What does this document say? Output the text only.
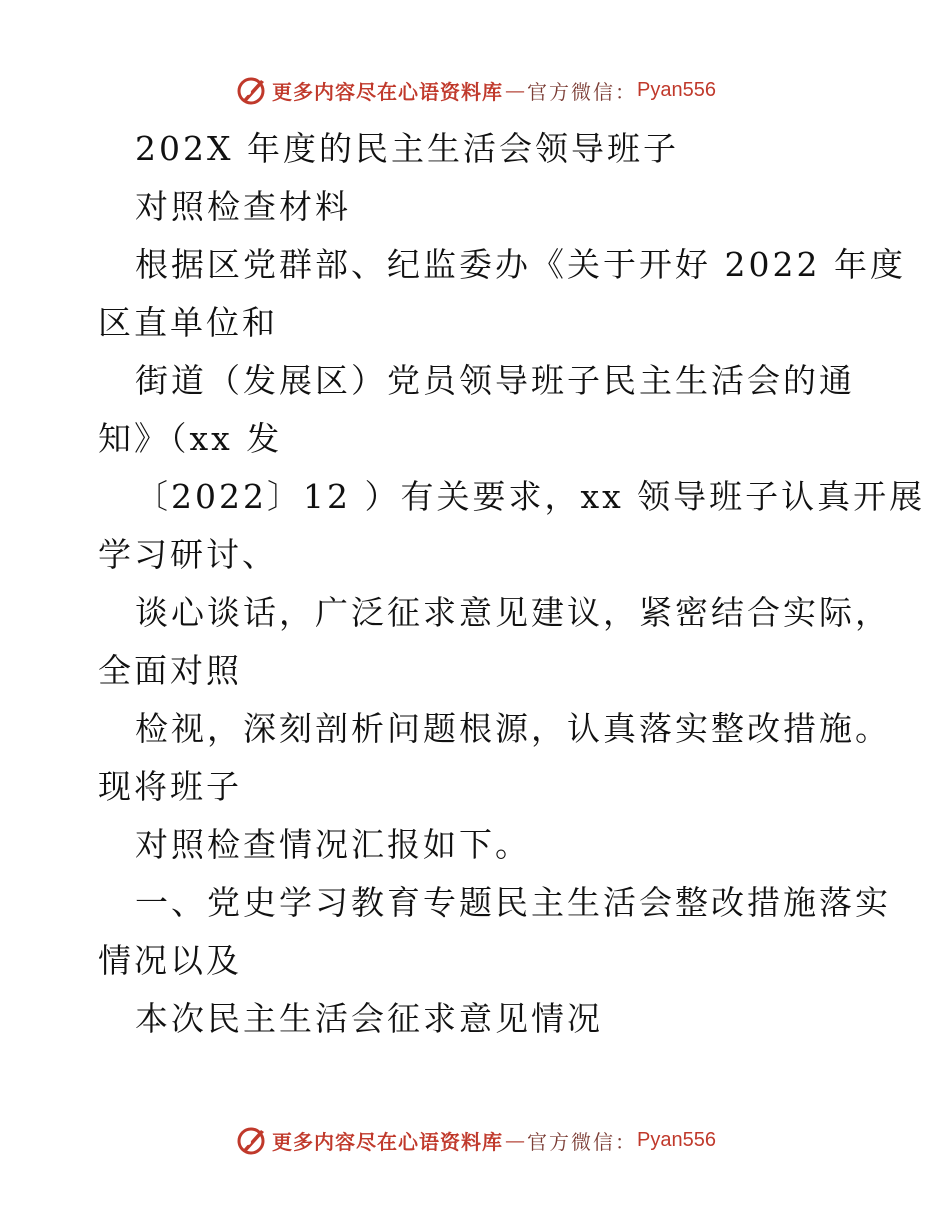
更多内容尽在心语资料库 — 官方微信： Pyan556
202X 年度的民主生活会领导班子
对照检查材料
根据区党群部、纪监委办《关于开好 2022 年度
区直单位和
街道（发展区）党员领导班子民主生活会的通
知》（xx 发
〔2022〕12 ）有关要求，xx 领导班子认真开展
学习研讨、
谈心谈话，广泛征求意见建议，紧密结合实际，
全面对照
检视，深刻剖析问题根源，认真落实整改措施。
现将班子
对照检查情况汇报如下。
一、党史学习教育专题民主生活会整改措施落实
情况以及
本次民主生活会征求意见情况
更多内容尽在心语资料库 — 官方微信： Pyan556
